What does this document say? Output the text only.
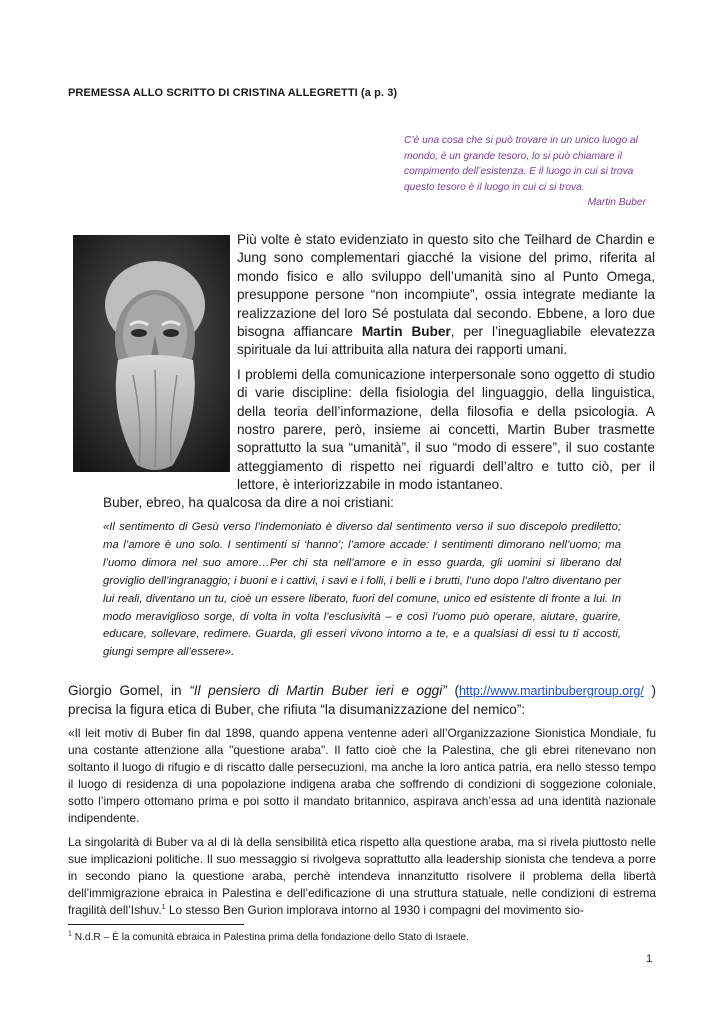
PREMESSA ALLO SCRITTO DI CRISTINA ALLEGRETTI (a p. 3)
C’è una cosa che si può trovare in un unico luogo al mondo, è un grande tesoro, lo si può chiamare il compimento dell’esistenza. E il luogo in cui si trova questo tesoro è il luogo in cui ci si trova.
Martin Buber

Più volte è stato evidenziato in questo sito che Teilhard de Chardin e Jung sono complementari giacché la visione del primo, riferita al mondo fisico e allo sviluppo dell’umanità sino al Punto Omega, presuppone persone “non incompiute”, ossia integrate mediante la realizzazione del loro Sé postulata dal secondo. Ebbene, a loro due bisogna affiancare Martin Buber, per l’ineguagliabile elevatezza spirituale da lui attribuita alla natura dei rapporti umani.

I problemi della comunicazione interpersonale sono oggetto di studio di varie discipline: della fisiologia del linguaggio, della linguistica, della teoria dell’informazione, della filosofia e della psicologia. A nostro parere, però, insieme ai concetti, Martin Buber trasmette soprattutto la sua “umanità”, il suo “modo di essere”, il suo costante atteggiamento di rispetto nei riguardi dell’altro e tutto ciò, per il lettore, è interiorizzabile in modo istantaneo.

Buber, ebreo, ha qualcosa da dire a noi cristiani:
«Il sentimento di Gesù verso l’indemoniato è diverso dal sentimento verso il suo discepolo prediletto; ma l’amore è uno solo. I sentimenti si ‘hanno’; l’amore accade: I sentimenti dimorano nell’uomo; ma l’uomo dimora nel suo amore…Per chi sta nell’amore e in esso guarda, gli uomini si liberano dal groviglio dell’ingranaggio; i buoni e i cattivi, i savi e i folli, i belli e i brutti, l’uno dopo l’altro diventano per lui reali, diventano un tu, cioè un essere liberato, fuori del comune, unico ed esistente di fronte a lui. In modo meraviglioso sorge, di volta in volta l’esclusività – e così l’uomo può operare, aiutare, guarire, educare, sollevare, redimere. Guarda, gli esseri vivono intorno a te, e a qualsiasi di essi tu ti accosti, giungi sempre all’essere».
Giorgio Gomel, in “Il pensiero di Martin Buber ieri e oggi” (http://www.martinbubergroup.org/ ) precisa la figura etica di Buber, che rifiuta “la disumanizzazione del nemico”:

«Il leit motiv di Buber fin dal 1898, quando appena ventenne aderì all’Organizzazione Sionistica Mondiale, fu una costante attenzione alla "questione araba". Il fatto cioè che la Palestina, che gli ebrei ritenevano non soltanto il luogo di rifugio e di riscatto dalle persecuzioni, ma anche la loro antica patria, era nello stesso tempo il luogo di residenza di una popolazione indigena araba che soffrendo di condizioni di soggezione coloniale, sotto l’impero ottomano prima e poi sotto il mandato britannico, aspirava anch’essa ad una identità nazionale indipendente.

La singolarità di Buber va al di là della sensibilità etica rispetto alla questione araba, ma si rivela piuttosto nelle sue implicazioni politiche. Il suo messaggio si rivolgeva soprattutto alla leadership sionista che tendeva a porre in secondo piano la questione araba, perchè intendeva innanzitutto risolvere il problema della libertà dell’immigrazione ebraica in Palestina e dell’edificazione di una struttura statuale, nelle condizioni di estrema fragilità dell’Ishuv.$^1$ Lo stesso Ben Gurion implorava intorno al 1930 i compagni del movimento sio-

$^1$ N.d.R – È la comunità ebraica in Palestina prima della fondazione dello Stato di Israele.
1
